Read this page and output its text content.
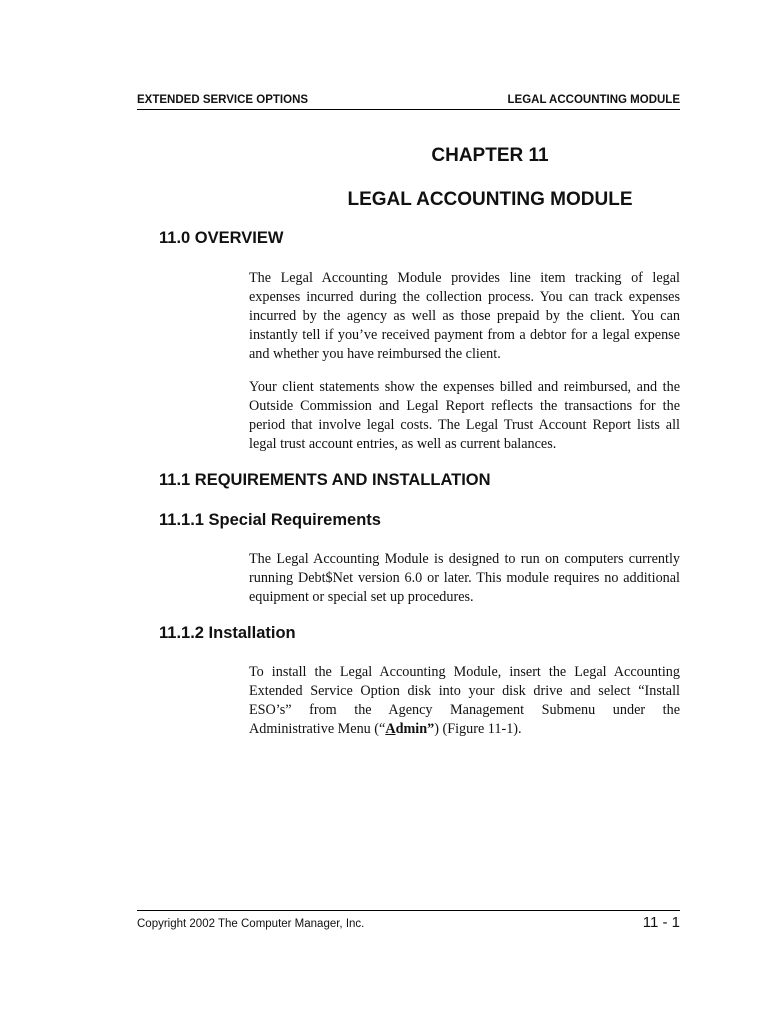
EXTENDED SERVICE OPTIONS	LEGAL ACCOUNTING MODULE
CHAPTER 11
LEGAL ACCOUNTING MODULE
11.0 OVERVIEW
The Legal Accounting Module provides line item tracking of legal
expenses incurred during the collection process. You can track expenses
incurred by the agency as well as those prepaid by the client. You can
instantly tell if you’ve received payment from a debtor for a legal expense
and whether you have reimbursed the client.
Your client statements show the expenses billed and reimbursed, and the
Outside Commission and Legal Report reflects the transactions for the
period that involve legal costs. The Legal Trust Account Report lists all
legal trust account entries, as well as current balances.
11.1 REQUIREMENTS AND INSTALLATION
11.1.1 Special Requirements
The Legal Accounting Module is designed to run on computers currently
running Debt$Net version 6.0 or later. This module requires no additional
equipment or special set up procedures.
11.1.2 Installation
To install the Legal Accounting Module, insert the Legal Accounting
Extended Service Option disk into your disk drive and select “Install
ESO’s” from the Agency Management Submenu under the
Administrative Menu (“Admin”) (Figure 11-1).
Copyright 2002 The Computer Manager, Inc.	11 - 1
